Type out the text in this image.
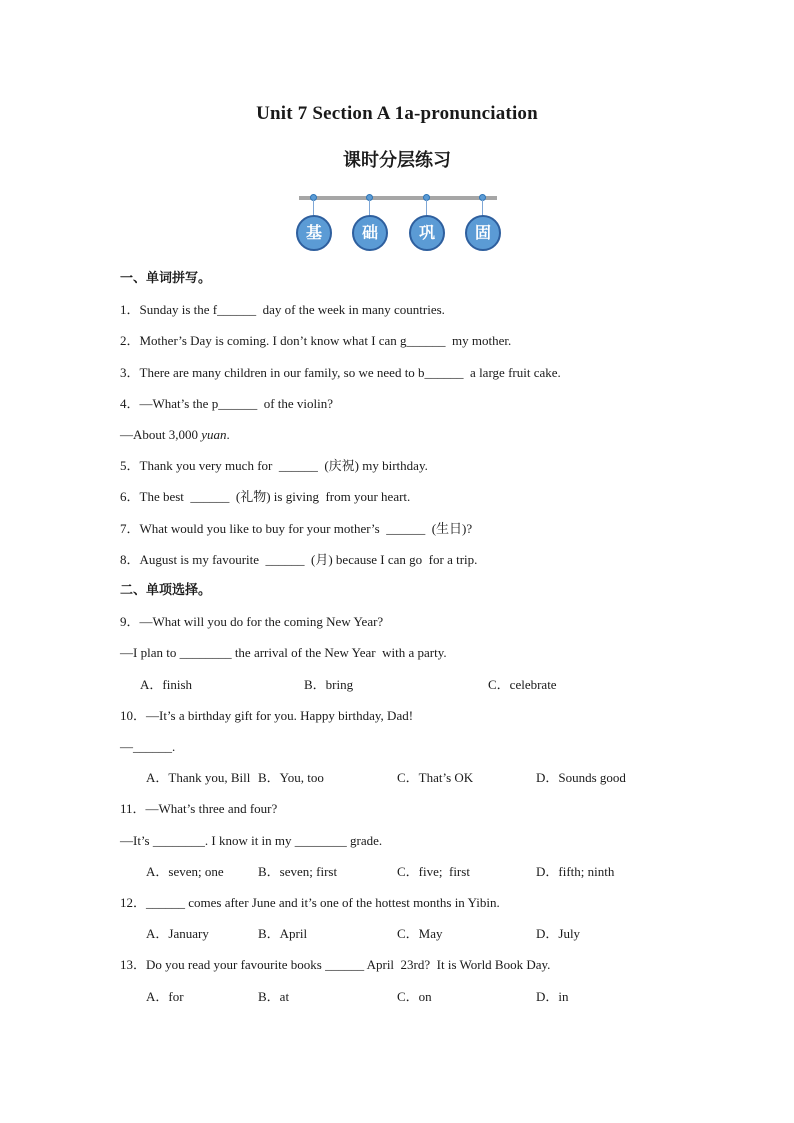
Unit 7 Section A 1a-pronunciation
课时分层练习
基	础	巩	固
一、单词拼写。
1．Sunday is the f______  day of the week in many countries.
2．Mother’s Day is coming. I don’t know what I can g______  my mother.
3．There are many children in our family, so we need to b______  a large fruit cake.
4．—What’s the p______  of the violin?
—About 3,000 yuan.
5．Thank you very much for  ______  (庆祝) my birthday.
6．The best  ______  (礼物) is giving  from your heart.
7．What would you like to buy for your mother’s  ______  (生日)?
8．August is my favourite  ______  (月) because I can go  for a trip.
二、单项选择。
9．—What will you do for the coming New Year?
—I plan to ________ the arrival of the New Year  with a party.
A．finish	B．bring	C．celebrate
10．—It’s a birthday gift for you. Happy birthday, Dad!
—______.
A．Thank you, Bill B．You, too	C．That’s OK	D．Sounds good
11．—What’s three and four?
—It’s ________. I know it in my ________ grade.
A．seven; one	B．seven; first	C．five;  first	D．fifth; ninth
12．______ comes after June and it’s one of the hottest months in Yibin.
A．January	B．April	C．May	D．July
13．Do you read your favourite books ______ April  23rd?  It is World Book Day.
A．for	B．at	C．on	D．in
